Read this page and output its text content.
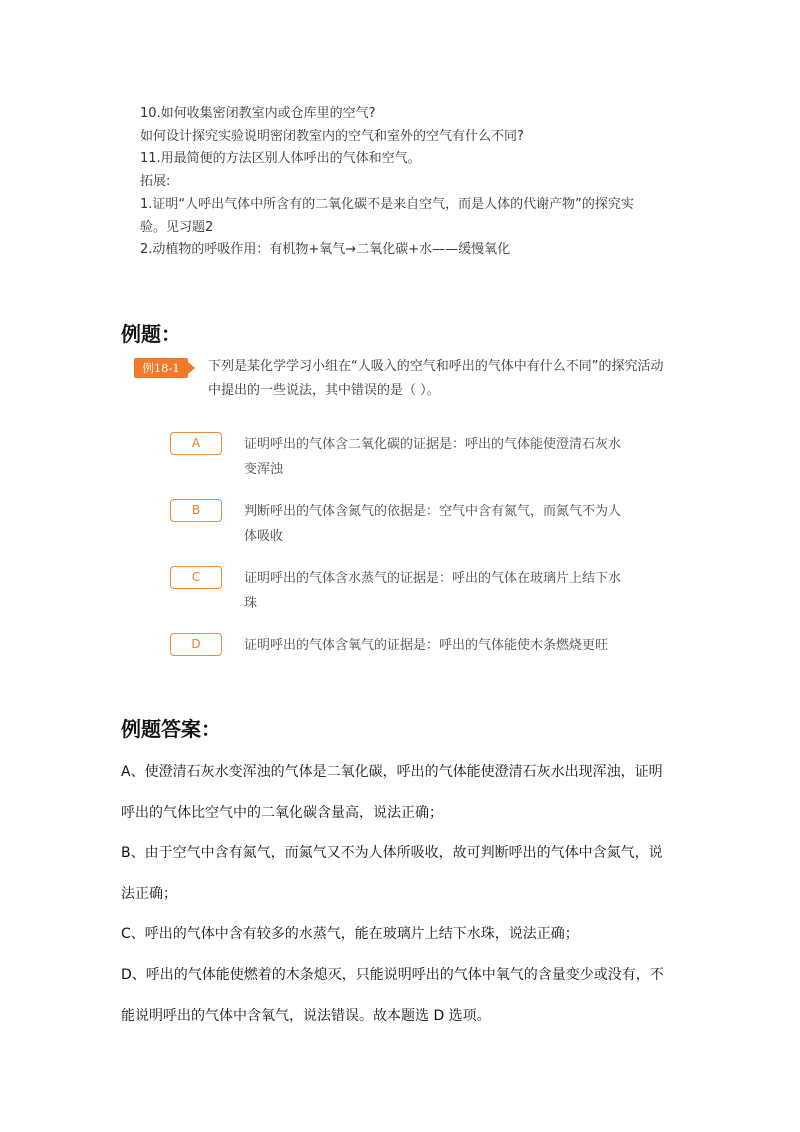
10.如何收集密闭教室内或仓库里的空气?
如何设计探究实验说明密闭教室内的空气和室外的空气有什么不同?
11.用最简便的方法区别人体呼出的气体和空气。
拓展:
1.证明“人呼出气体中所含有的二氧化碳不是来自空气，而是人体的代谢产物”的探究实
验。见习题2
2.动植物的呼吸作用：有机物+氧气→二氧化碳+水——缓慢氧化
例题：
例18-1	下列是某化学学习小组在“人吸入的空气和呼出的气体中有什么不同”的探究活动中提出的一些说法，其中错误的是（ ）。
A	证明呼出的气体含二氧化碳的证据是：呼出的气体能使澄清石灰水变浑浊
B	判断呼出的气体含氮气的依据是：空气中含有氮气，而氮气不为人体吸收
C	证明呼出的气体含水蒸气的证据是：呼出的气体在玻璃片上结下水珠
D	证明呼出的气体含氧气的证据是：呼出的气体能使木条燃烧更旺
例题答案：

A、使澄清石灰水变浑浊的气体是二氧化碳，呼出的气体能使澄清石灰水出现浑浊，证明

呼出的气体比空气中的二氧化碳含量高，说法正确；

B、由于空气中含有氮气，而氮气又不为人体所吸收，故可判断呼出的气体中含氮气，说

法正确；

C、呼出的气体中含有较多的水蒸气，能在玻璃片上结下水珠，说法正确；

D、呼出的气体能使燃着的木条熄灭，只能说明呼出的气体中氧气的含量变少或没有，不

能说明呼出的气体中含氧气，说法错误。故本题选 D 选项。
